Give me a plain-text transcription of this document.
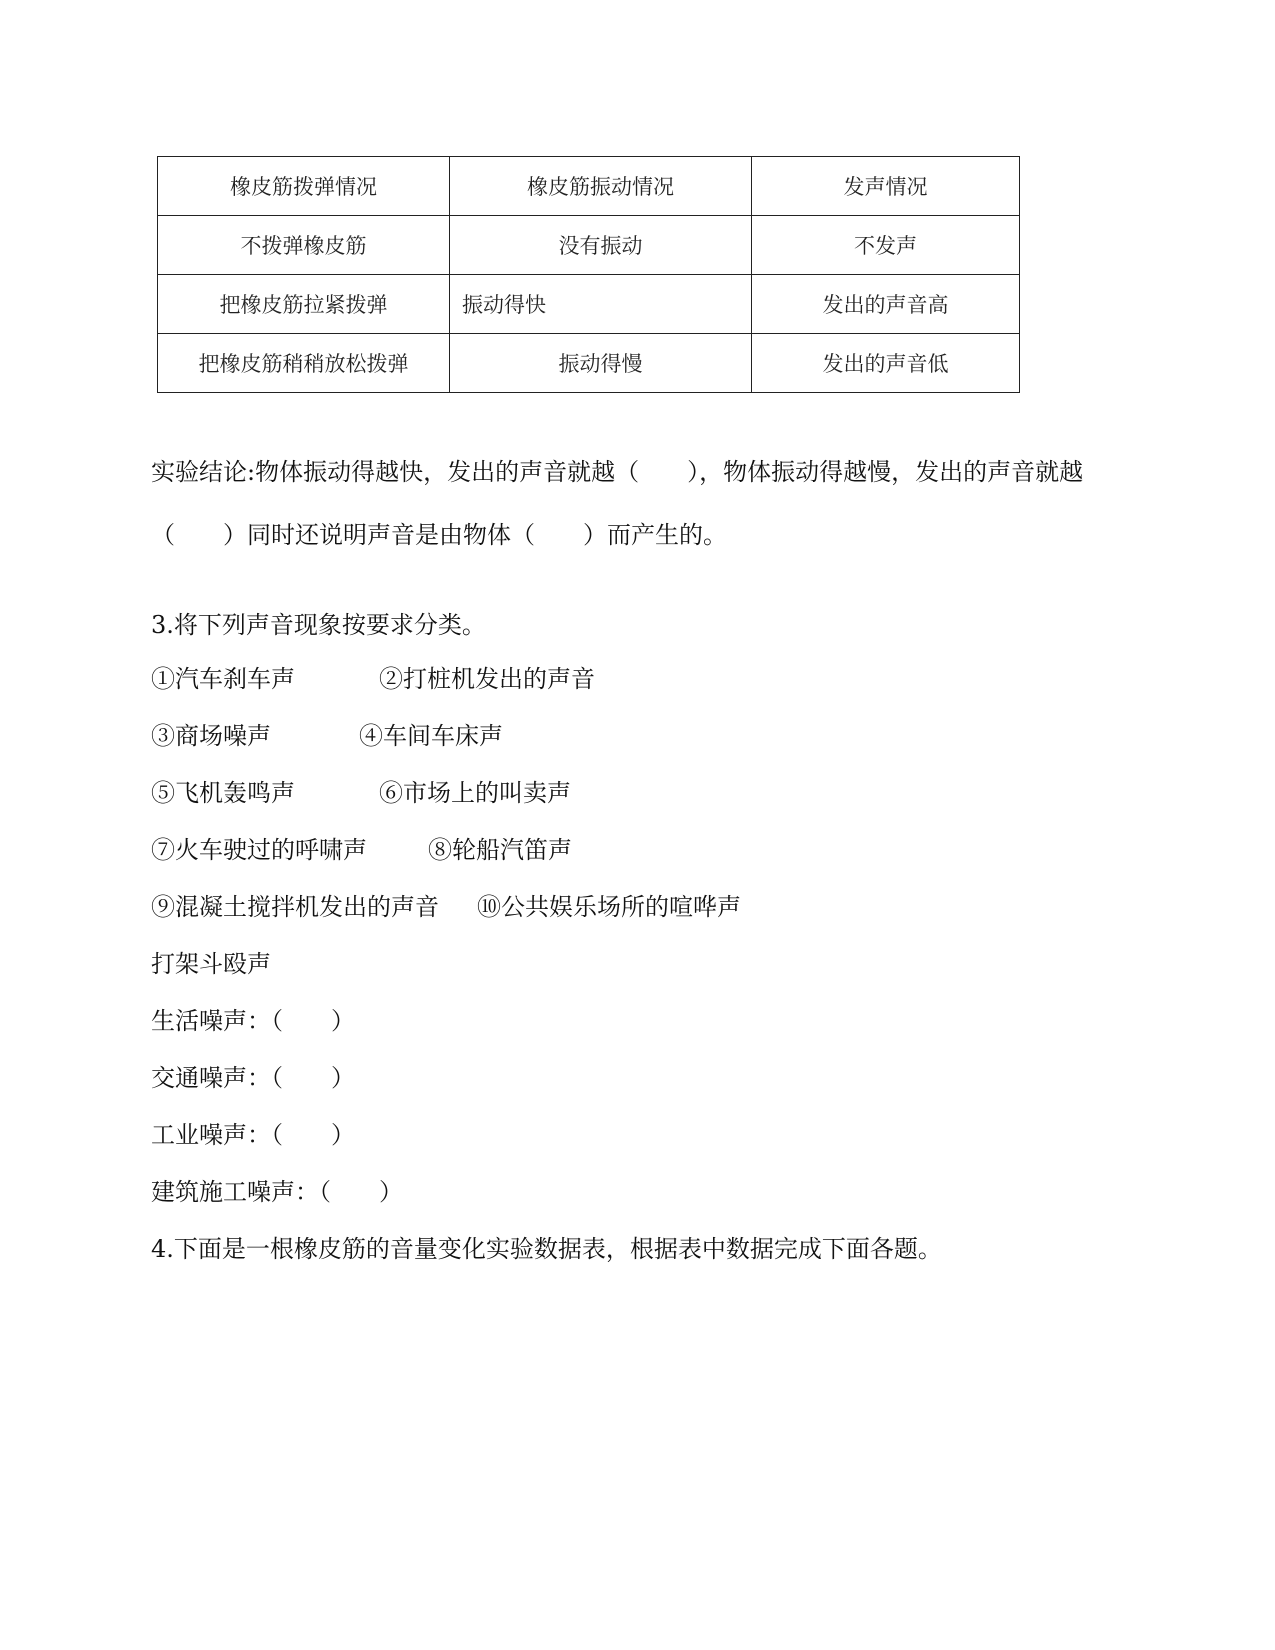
橡皮筋拨弹情况	橡皮筋振动情况	发声情况
不拨弹橡皮筋	没有振动	不发声
把橡皮筋拉紧拨弹	振动得快	发出的声音高
把橡皮筋稍稍放松拨弹	振动得慢	发出的声音低
实验结论:物体振动得越快，发出的声音就越（　　），物体振动得越慢，发出的声音就越
（　　）同时还说明声音是由物体（　　）而产生的。
3.将下列声音现象按要求分类。
①汽车刹车声	②打桩机发出的声音
③商场噪声	④车间车床声
⑤飞机轰鸣声	⑥市场上的叫卖声
⑦火车驶过的呼啸声	⑧轮船汽笛声
⑨混凝土搅拌机发出的声音 ⑩公共娱乐场所的喧哗声
打架斗殴声
生活噪声：（　　）
交通噪声：（　　）
工业噪声：（　　）
建筑施工噪声：（　　）
4.下面是一根橡皮筋的音量变化实验数据表，根据表中数据完成下面各题。
